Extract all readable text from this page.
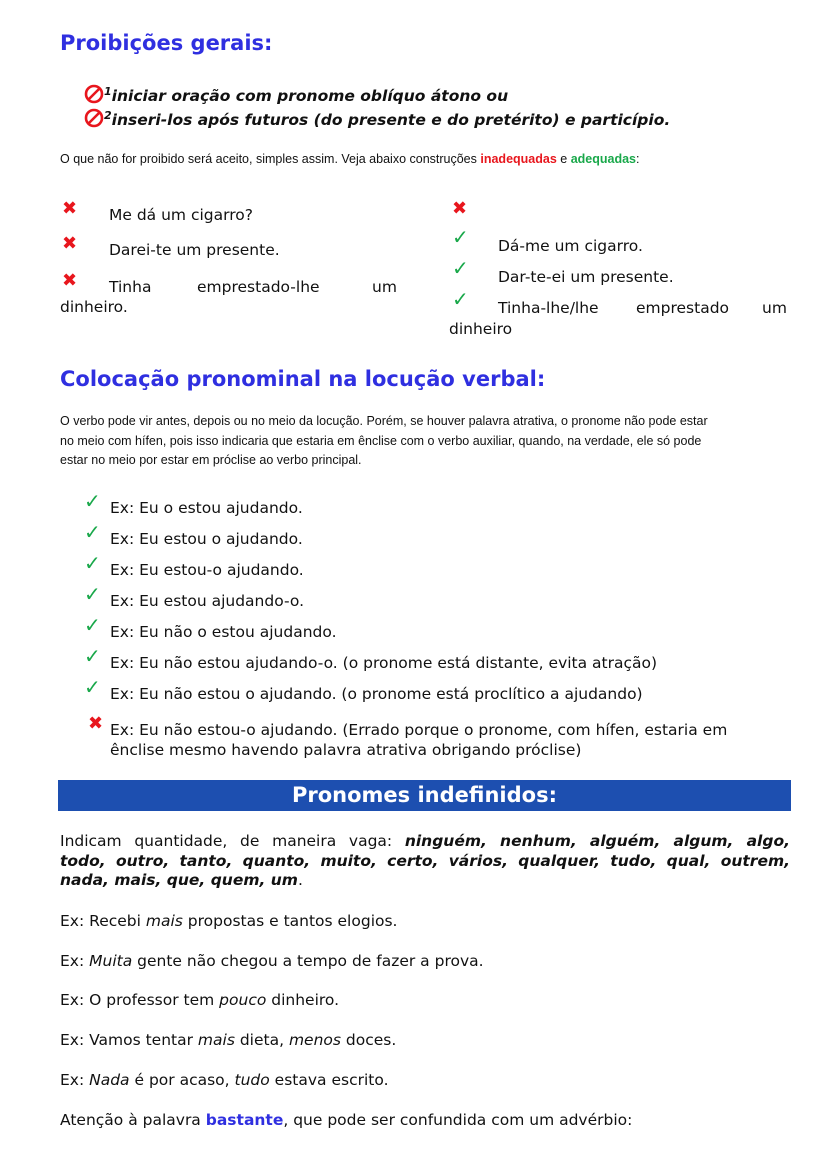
Proibições gerais:
$^1$iniciar oração com pronome oblíquo átono ou
$^2$inseri-los após futuros (do presente e do pretérito) e particípio.
O que não for proibido será aceito, simples assim. Veja abaixo construções inadequadas e adequadas:
✖ Me dá um cigarro?
✖ Darei-te um presente.
✖ Tinha	emprestado-lhe	um
dinheiro.
✖
✓ Dá-me um cigarro.
✓ Dar-te-ei um presente.
✓ Tinha-lhe/lhe emprestado um
dinheiro
Colocação pronominal na locução verbal:
O verbo pode vir antes, depois ou no meio da locução. Porém, se houver palavra atrativa, o pronome não pode estar
no meio com hífen, pois isso indicaria que estaria em ênclise com o verbo auxiliar, quando, na verdade, ele só pode
estar no meio por estar em próclise ao verbo principal.
✓ Ex: Eu o estou ajudando.
✓ Ex: Eu estou o ajudando.
✓ Ex: Eu estou-o ajudando.
✓ Ex: Eu estou ajudando-o.
✓ Ex: Eu não o estou ajudando.
✓ Ex: Eu não estou ajudando-o. (o pronome está distante, evita atração)
✓ Ex: Eu não estou o ajudando. (o pronome está proclítico a ajudando)
✖ Ex: Eu não estou-o ajudando. (Errado porque o pronome, com hífen, estaria em
ênclise mesmo havendo palavra atrativa obrigando próclise)
Pronomes indefinidos:
Indicam quantidade, de maneira vaga: ninguém, nenhum, alguém, algum, algo,
todo, outro, tanto, quanto, muito, certo, vários, qualquer, tudo, qual, outrem,
nada, mais, que, quem, um.
Ex: Recebi mais propostas e tantos elogios.
Ex: Muita gente não chegou a tempo de fazer a prova.
Ex: O professor tem pouco dinheiro.
Ex: Vamos tentar mais dieta, menos doces.
Ex: Nada é por acaso, tudo estava escrito.
Atenção à palavra bastante, que pode ser confundida com um advérbio:
